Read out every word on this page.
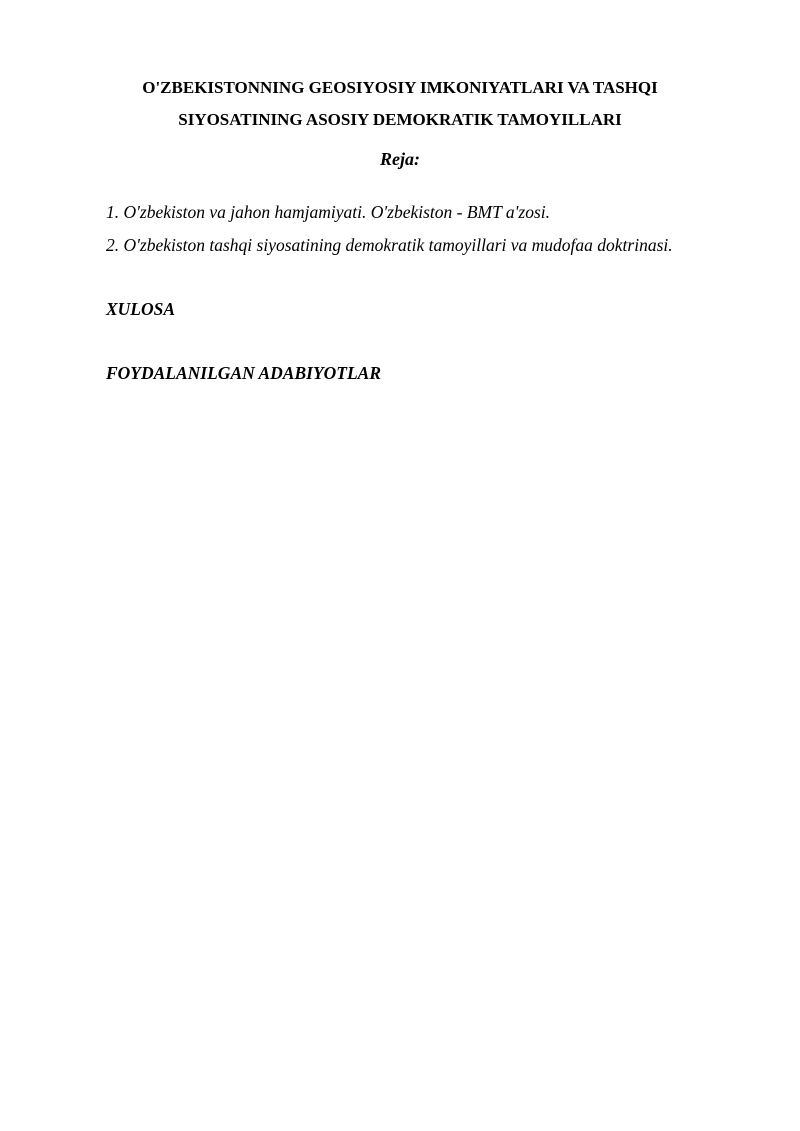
O'ZBEKISTONNING GEOSIYOSIY IMKONIYATLARI VA TASHQI
SIYOSATINING ASOSIY DEMOKRATIK TAMOYILLARI
Reja:
1. O'zbekiston va jahon hamjamiyati. O'zbekiston - BMT a'zosi.
2. O'zbekiston tashqi siyosatining demokratik tamoyillari va mudofaa doktrinasi.
XULOSA
FOYDALANILGAN ADABIYOTLAR
